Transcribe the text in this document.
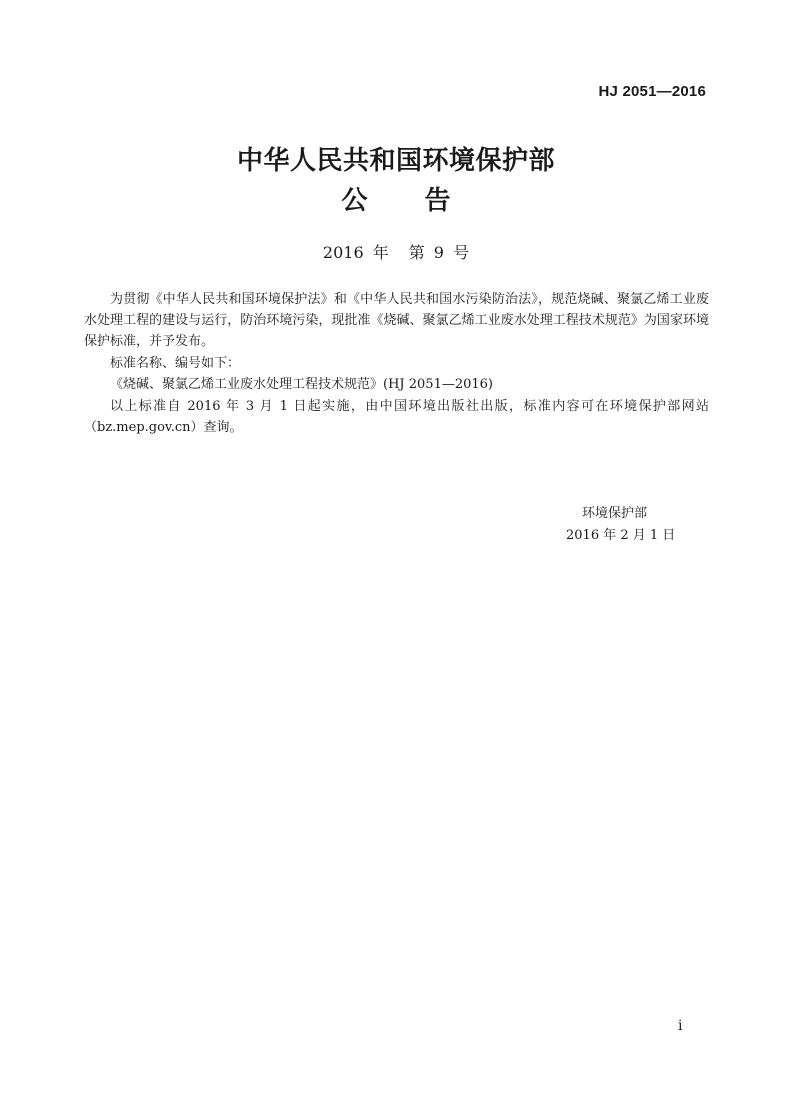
HJ 2051—2016
中华人民共和国环境保护部
公 告
2016 年 第 9 号

为贯彻《中华人民共和国环境保护法》和《中华人民共和国水污染防治法》，规范烧碱、聚氯乙烯工业废水处理工程的建设与运行，防治环境污染，现批准《烧碱、聚氯乙烯工业废水处理工程技术规范》为国家环境保护标准，并予发布。

标准名称、编号如下：

《烧碱、聚氯乙烯工业废水处理工程技术规范》(HJ 2051—2016)

以上标准自 2016 年 3 月 1 日起实施，由中国环境出版社出版，标准内容可在环境保护部网站（bz.mep.gov.cn）查询。

环境保护部
2016 年 2 月 1 日
i
